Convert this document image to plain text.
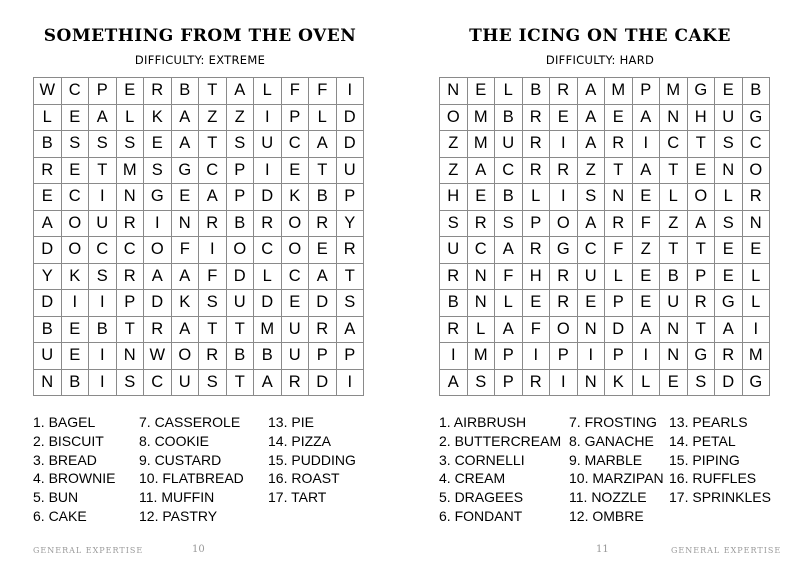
SOMETHING FROM THE OVEN
DIFFICULTY: EXTREME
W	C	P	E	R	B	T	A	L	F	F	I
L	E	A	L	K	A	Z	Z	I	P	L	D
B	S	S	S	E	A	T	S	U	C	A	D
R	E	T	M	S	G	C	P	I	E	T	U
E	C	I	N	G	E	A	P	D	K	B	P
A	O	U	R	I	N	R	B	R	O	R	Y
D	O	C	C	O	F	I	O	C	O	E	R
Y	K	S	R	A	A	F	D	L	C	A	T
D	I	I	P	D	K	S	U	D	E	D	S
B	E	B	T	R	A	T	T	M	U	R	A
U	E	I	N	W	O	R	B	B	U	P	P
N	B	I	S	C	U	S	T	A	R	D	I
1. BAGEL
2. BISCUIT
3. BREAD
4. BROWNIE
5. BUN
6. CAKE
7. CASSEROLE
8. COOKIE
9. CUSTARD
10. FLATBREAD
11. MUFFIN
12. PASTRY
13. PIE
14. PIZZA
15. PUDDING
16. ROAST
17. TART
GENERAL EXPERTISE	10
THE ICING ON THE CAKE
DIFFICULTY: HARD
N	E	L	B	R	A	M	P	M	G	E	B
O	M	B	R	E	A	E	A	N	H	U	G
Z	M	U	R	I	A	R	I	C	T	S	C
Z	A	C	R	R	Z	T	A	T	E	N	O
H	E	B	L	I	S	N	E	L	O	L	R
S	R	S	P	O	A	R	F	Z	A	S	N
U	C	A	R	G	C	F	Z	T	T	E	E
R	N	F	H	R	U	L	E	B	P	E	L
B	N	L	E	R	E	P	E	U	R	G	L
R	L	A	F	O	N	D	A	N	T	A	I
I	M	P	I	P	I	P	I	N	G	R	M
A	S	P	R	I	N	K	L	E	S	D	G
1. AIRBRUSH
2. BUTTERCREAM
3. CORNELLI
4. CREAM
5. DRAGEES
6. FONDANT
7. FROSTING
8. GANACHE
9. MARBLE
10. MARZIPAN
11. NOZZLE
12. OMBRE
13. PEARLS
14. PETAL
15. PIPING
16. RUFFLES
17. SPRINKLES
11	GENERAL EXPERTISE
